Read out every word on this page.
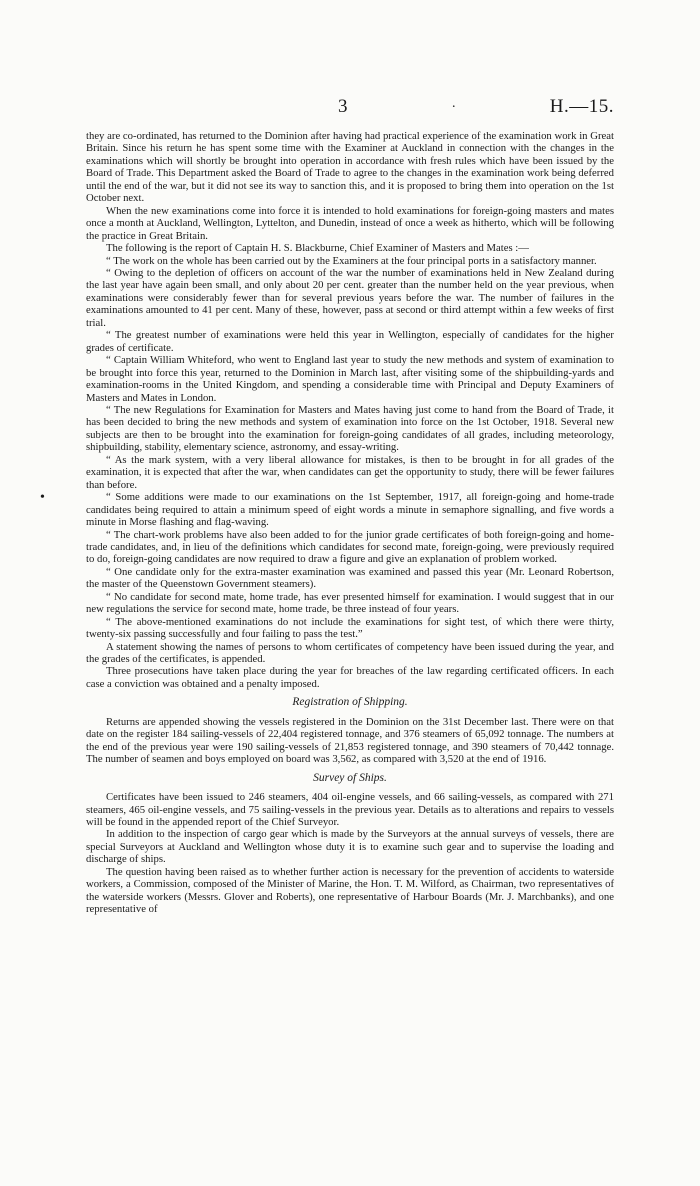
3	.	H.—15.
•

they are co-ordinated, has returned to the Dominion after having had practical experience of the examination work in Great Britain. Since his return he has spent some time with the Examiner at Auckland in connection with the changes in the examinations which will shortly be brought into operation in accordance with fresh rules which have been issued by the Board of Trade. This Department asked the Board of Trade to agree to the changes in the examination work being deferred until the end of the war, but it did not see its way to sanction this, and it is proposed to bring them into operation on the 1st October next.

When the new examinations come into force it is intended to hold examinations for foreign-going masters and mates once a month at Auckland, Wellington, Lyttelton, and Dunedin, instead of once a week as hitherto, which will be following the practice in Great Britain.

The following is the report of Captain H. S. Blackburne, Chief Examiner of Masters and Mates :—

“ The work on the whole has been carried out by the Examiners at the four principal ports in a satisfactory manner.

“ Owing to the depletion of officers on account of the war the number of examinations held in New Zealand during the last year have again been small, and only about 20 per cent. greater than the number held on the year previous, when examinations were considerably fewer than for several previous years before the war. The number of failures in the examinations amounted to 41 per cent. Many of these, however, pass at second or third attempt within a few weeks of first trial.

“ The greatest number of examinations were held this year in Wellington, especially of candidates for the higher grades of certificate.

“ Captain William Whiteford, who went to England last year to study the new methods and system of examination to be brought into force this year, returned to the Dominion in March last, after visiting some of the shipbuilding-yards and examination-rooms in the United Kingdom, and spending a considerable time with Principal and Deputy Examiners of Masters and Mates in London.

“ The new Regulations for Examination for Masters and Mates having just come to hand from the Board of Trade, it has been decided to bring the new methods and system of examination into force on the 1st October, 1918. Several new subjects are then to be brought into the examination for foreign-going candidates of all grades, including meteorology, shipbuilding, stability, elementary science, astronomy, and essay-writing.

“ As the mark system, with a very liberal allowance for mistakes, is then to be brought in for all grades of the examination, it is expected that after the war, when candidates can get the opportunity to study, there will be fewer failures than before.

“ Some additions were made to our examinations on the 1st September, 1917, all foreign-going and home-trade candidates being required to attain a minimum speed of eight words a minute in semaphore signalling, and five words a minute in Morse flashing and flag-waving.

“ The chart-work problems have also been added to for the junior grade certificates of both foreign-going and home-trade candidates, and, in lieu of the definitions which candidates for second mate, foreign-going, were previously required to do, foreign-going candidates are now required to draw a figure and give an explanation of problem worked.

“ One candidate only for the extra-master examination was examined and passed this year (Mr. Leonard Robertson, the master of the Queenstown Government steamers).

“ No candidate for second mate, home trade, has ever presented himself for examination. I would suggest that in our new regulations the service for second mate, home trade, be three instead of four years.

“ The above-mentioned examinations do not include the examinations for sight test, of which there were thirty, twenty-six passing successfully and four failing to pass the test.”

A statement showing the names of persons to whom certificates of competency have been issued during the year, and the grades of the certificates, is appended.

Three prosecutions have taken place during the year for breaches of the law regarding certificated officers. In each case a conviction was obtained and a penalty imposed.

Registration of Shipping.

Returns are appended showing the vessels registered in the Dominion on the 31st December last. There were on that date on the register 184 sailing-vessels of 22,404 registered tonnage, and 376 steamers of 65,092 tonnage. The numbers at the end of the previous year were 190 sailing-vessels of 21,853 registered tonnage, and 390 steamers of 70,442 tonnage. The number of seamen and boys employed on board was 3,562, as compared with 3,520 at the end of 1916.

Survey of Ships.

Certificates have been issued to 246 steamers, 404 oil-engine vessels, and 66 sailing-vessels, as compared with 271 steamers, 465 oil-engine vessels, and 75 sailing-vessels in the previous year. Details as to alterations and repairs to vessels will be found in the appended report of the Chief Surveyor.

In addition to the inspection of cargo gear which is made by the Surveyors at the annual surveys of vessels, there are special Surveyors at Auckland and Wellington whose duty it is to examine such gear and to supervise the loading and discharge of ships.

The question having been raised as to whether further action is necessary for the prevention of accidents to waterside workers, a Commission, composed of the Minister of Marine, the Hon. T. M. Wilford, as Chairman, two representatives of the waterside workers (Messrs. Glover and Roberts), one representative of Harbour Boards (Mr. J. Marchbanks), and one representative of
